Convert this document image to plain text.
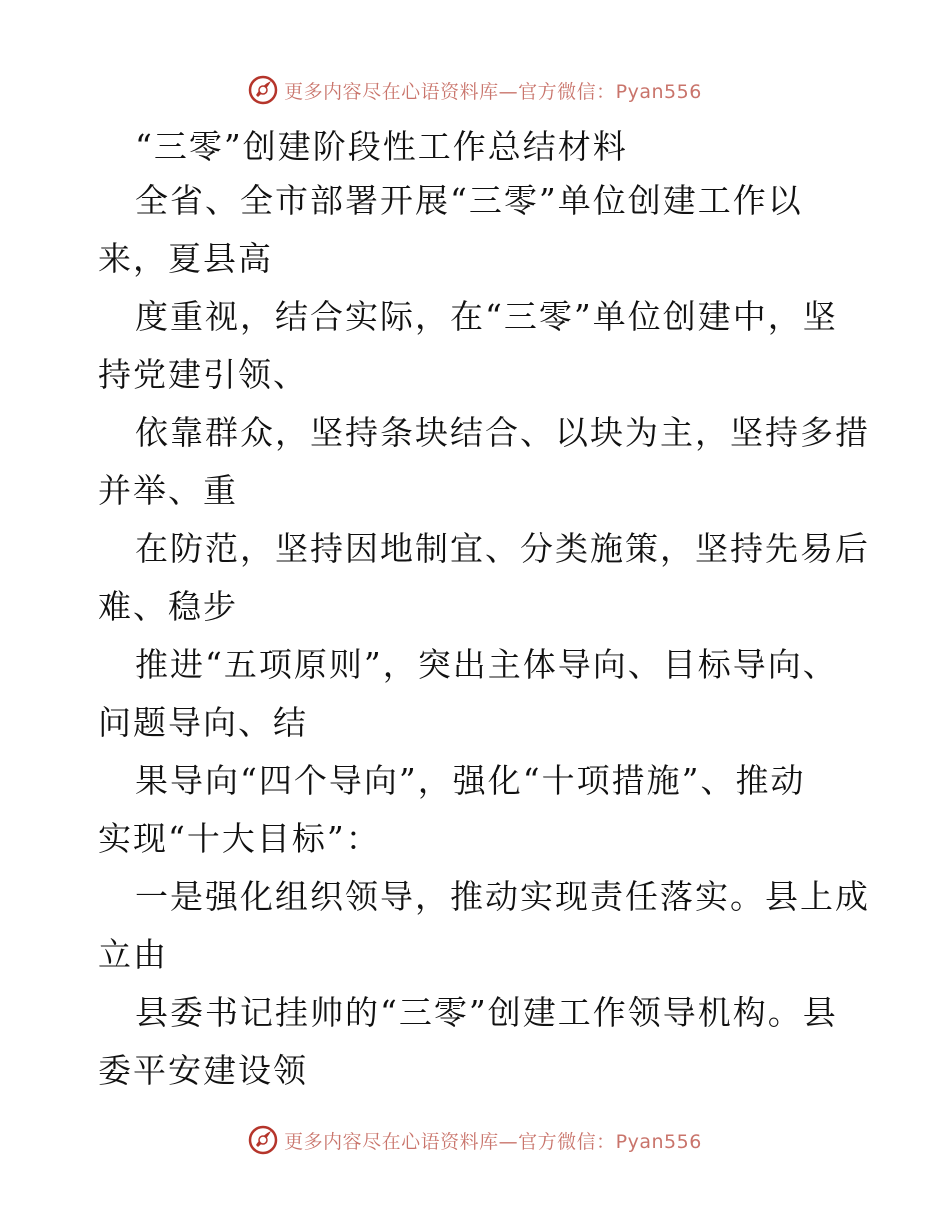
更多内容尽在心语资料库—官方微信：Pyan556
“三零”创建阶段性工作总结材料

全省、全市部署开展“三零”单位创建工作以
来，夏县高

度重视，结合实际，在“三零”单位创建中，坚
持党建引领、

依靠群众，坚持条块结合、以块为主，坚持多措
并举、重

在防范，坚持因地制宜、分类施策，坚持先易后
难、稳步

推进“五项原则”，突出主体导向、目标导向、
问题导向、结

果导向“四个导向”，强化“十项措施”、推动
实现“十大目标”：

一是强化组织领导，推动实现责任落实。县上成
立由

县委书记挂帅的“三零”创建工作领导机构。县
委平安建设领

更多内容尽在心语资料库—官方微信：Pyan556
